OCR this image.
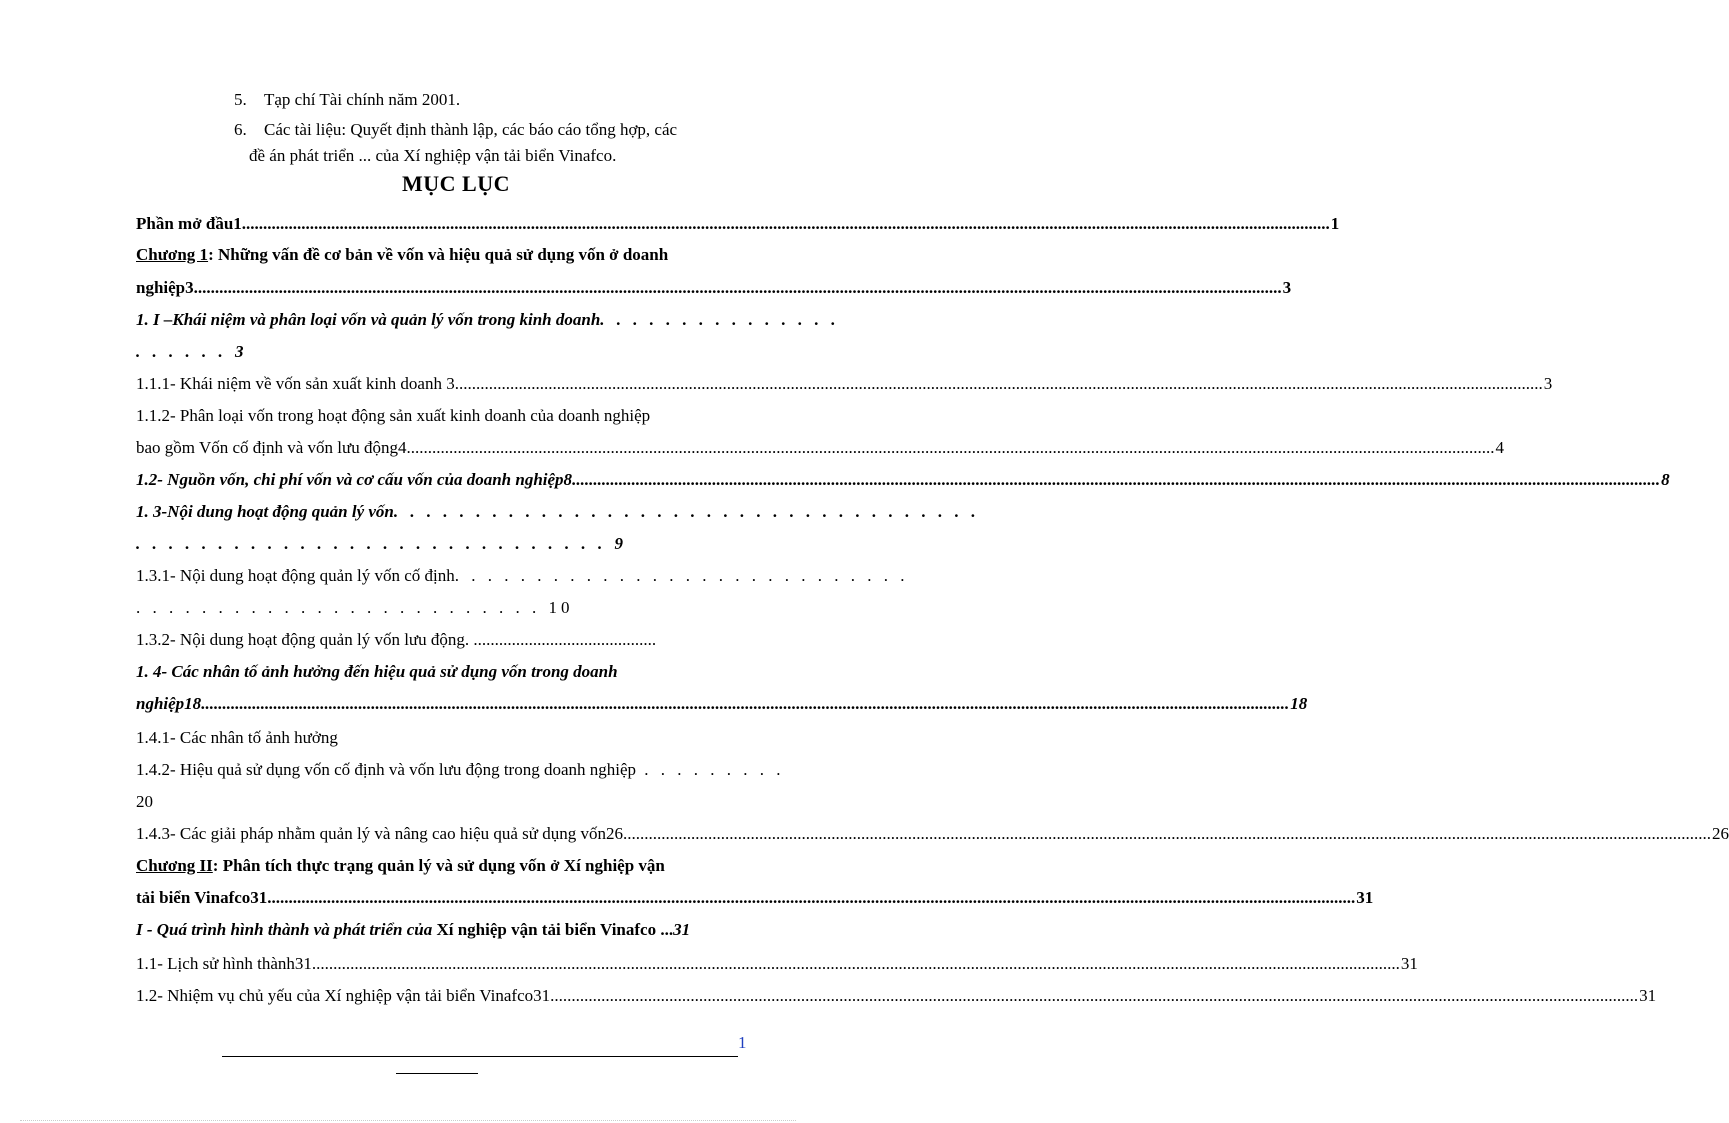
5. Tạp chí Tài chính năm 2001.
6. Các tài liệu: Quyết định thành lập, các báo cáo tổng hợp, các
đề án phát triển ... của Xí nghiệp vận tải biển Vinafco.
MỤC LỤC
Phần mở đầu1 .....	1
Chương 1: Những vấn đề cơ bản về vốn và hiệu quả sử dụng vốn ở doanh
nghiệp3 .....	3
1. I –Khái niệm và phân loại vốn và quản lý vốn trong kinh doanh. . . . . . . . . . . . . . .
. . . . . . 3
1.1.1- Khái niệm về vốn sản xuất kinh doanh 3 .....	3
1.1.2- Phân loại vốn trong hoạt động sản xuất kinh doanh của doanh nghiệp
bao gồm Vốn cố định và vốn lưu động4 .....	4
1.2- Nguồn vốn, chi phí vốn và cơ cấu vốn của doanh nghiệp8 .....	8
1. 3-Nội dung hoạt động quản lý vốn. . . . . . . . . . . . . . . . . . . . . . . . . . . . . . . . . . . .
. . . . . . . . . . . . . . . . . . . . . . . . . . . . . 9
1.3.1- Nội dung hoạt động quản lý vốn cố định. . . . . . . . . . . . . . . . . . . . . . . . . . . .
. . . . . . . . . . . . . . . . . . . . . . . . . 10
1.3.2- Nội dung hoạt động quản lý vốn lưu động. ...........................................
1. 4- Các nhân tố ảnh hưởng đến hiệu quả sử dụng vốn trong doanh
nghiệp18 .....	18
1.4.1- Các nhân tố ảnh hưởng
1.4.2- Hiệu quả sử dụng vốn cố định và vốn lưu động trong doanh nghiệp . . . . . . . . .
20
1.4.3- Các giải pháp nhằm quản lý và nâng cao hiệu quả sử dụng vốn26 .....	26
Chương II: Phân tích thực trạng quản lý và sử dụng vốn ở Xí nghiệp vận
tải biển Vinafco31 .....	31
I - Quá trình hình thành và phát triển của Xí nghiệp vận tải biển Vinafco ...31
1.1- Lịch sử hình thành31 .....	31
1.2- Nhiệm vụ chủ yếu của Xí nghiệp vận tải biển Vinafco31 .....	31
1
